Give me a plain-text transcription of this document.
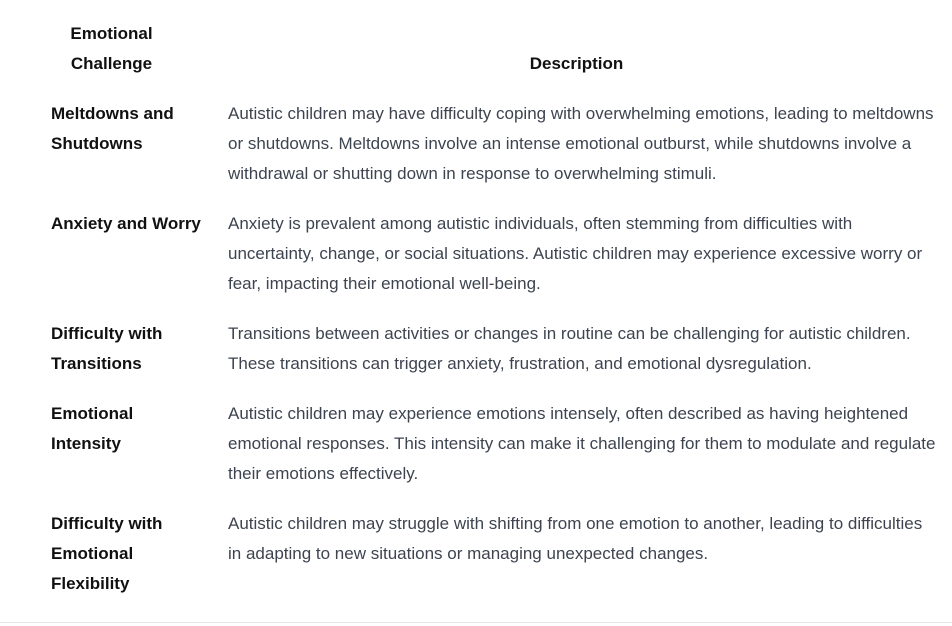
Emotional
Challenge	Description
Meltdowns and
Shutdowns	Autistic children may have difficulty coping with overwhelming emotions, leading to meltdowns or shutdowns. Meltdowns involve an intense emotional outburst, while shutdowns involve a withdrawal or shutting down in response to overwhelming stimuli.
Anxiety and Worry	Anxiety is prevalent among autistic individuals, often stemming from difficulties with uncertainty, change, or social situations. Autistic children may experience excessive worry or fear, impacting their emotional well-being.
Difficulty with
Transitions	Transitions between activities or changes in routine can be challenging for autistic children. These transitions can trigger anxiety, frustration, and emotional dysregulation.
Emotional
Intensity	Autistic children may experience emotions intensely, often described as having heightened emotional responses. This intensity can make it challenging for them to modulate and regulate their emotions effectively.
Difficulty with
Emotional
Flexibility	Autistic children may struggle with shifting from one emotion to another, leading to difficulties in adapting to new situations or managing unexpected changes.
